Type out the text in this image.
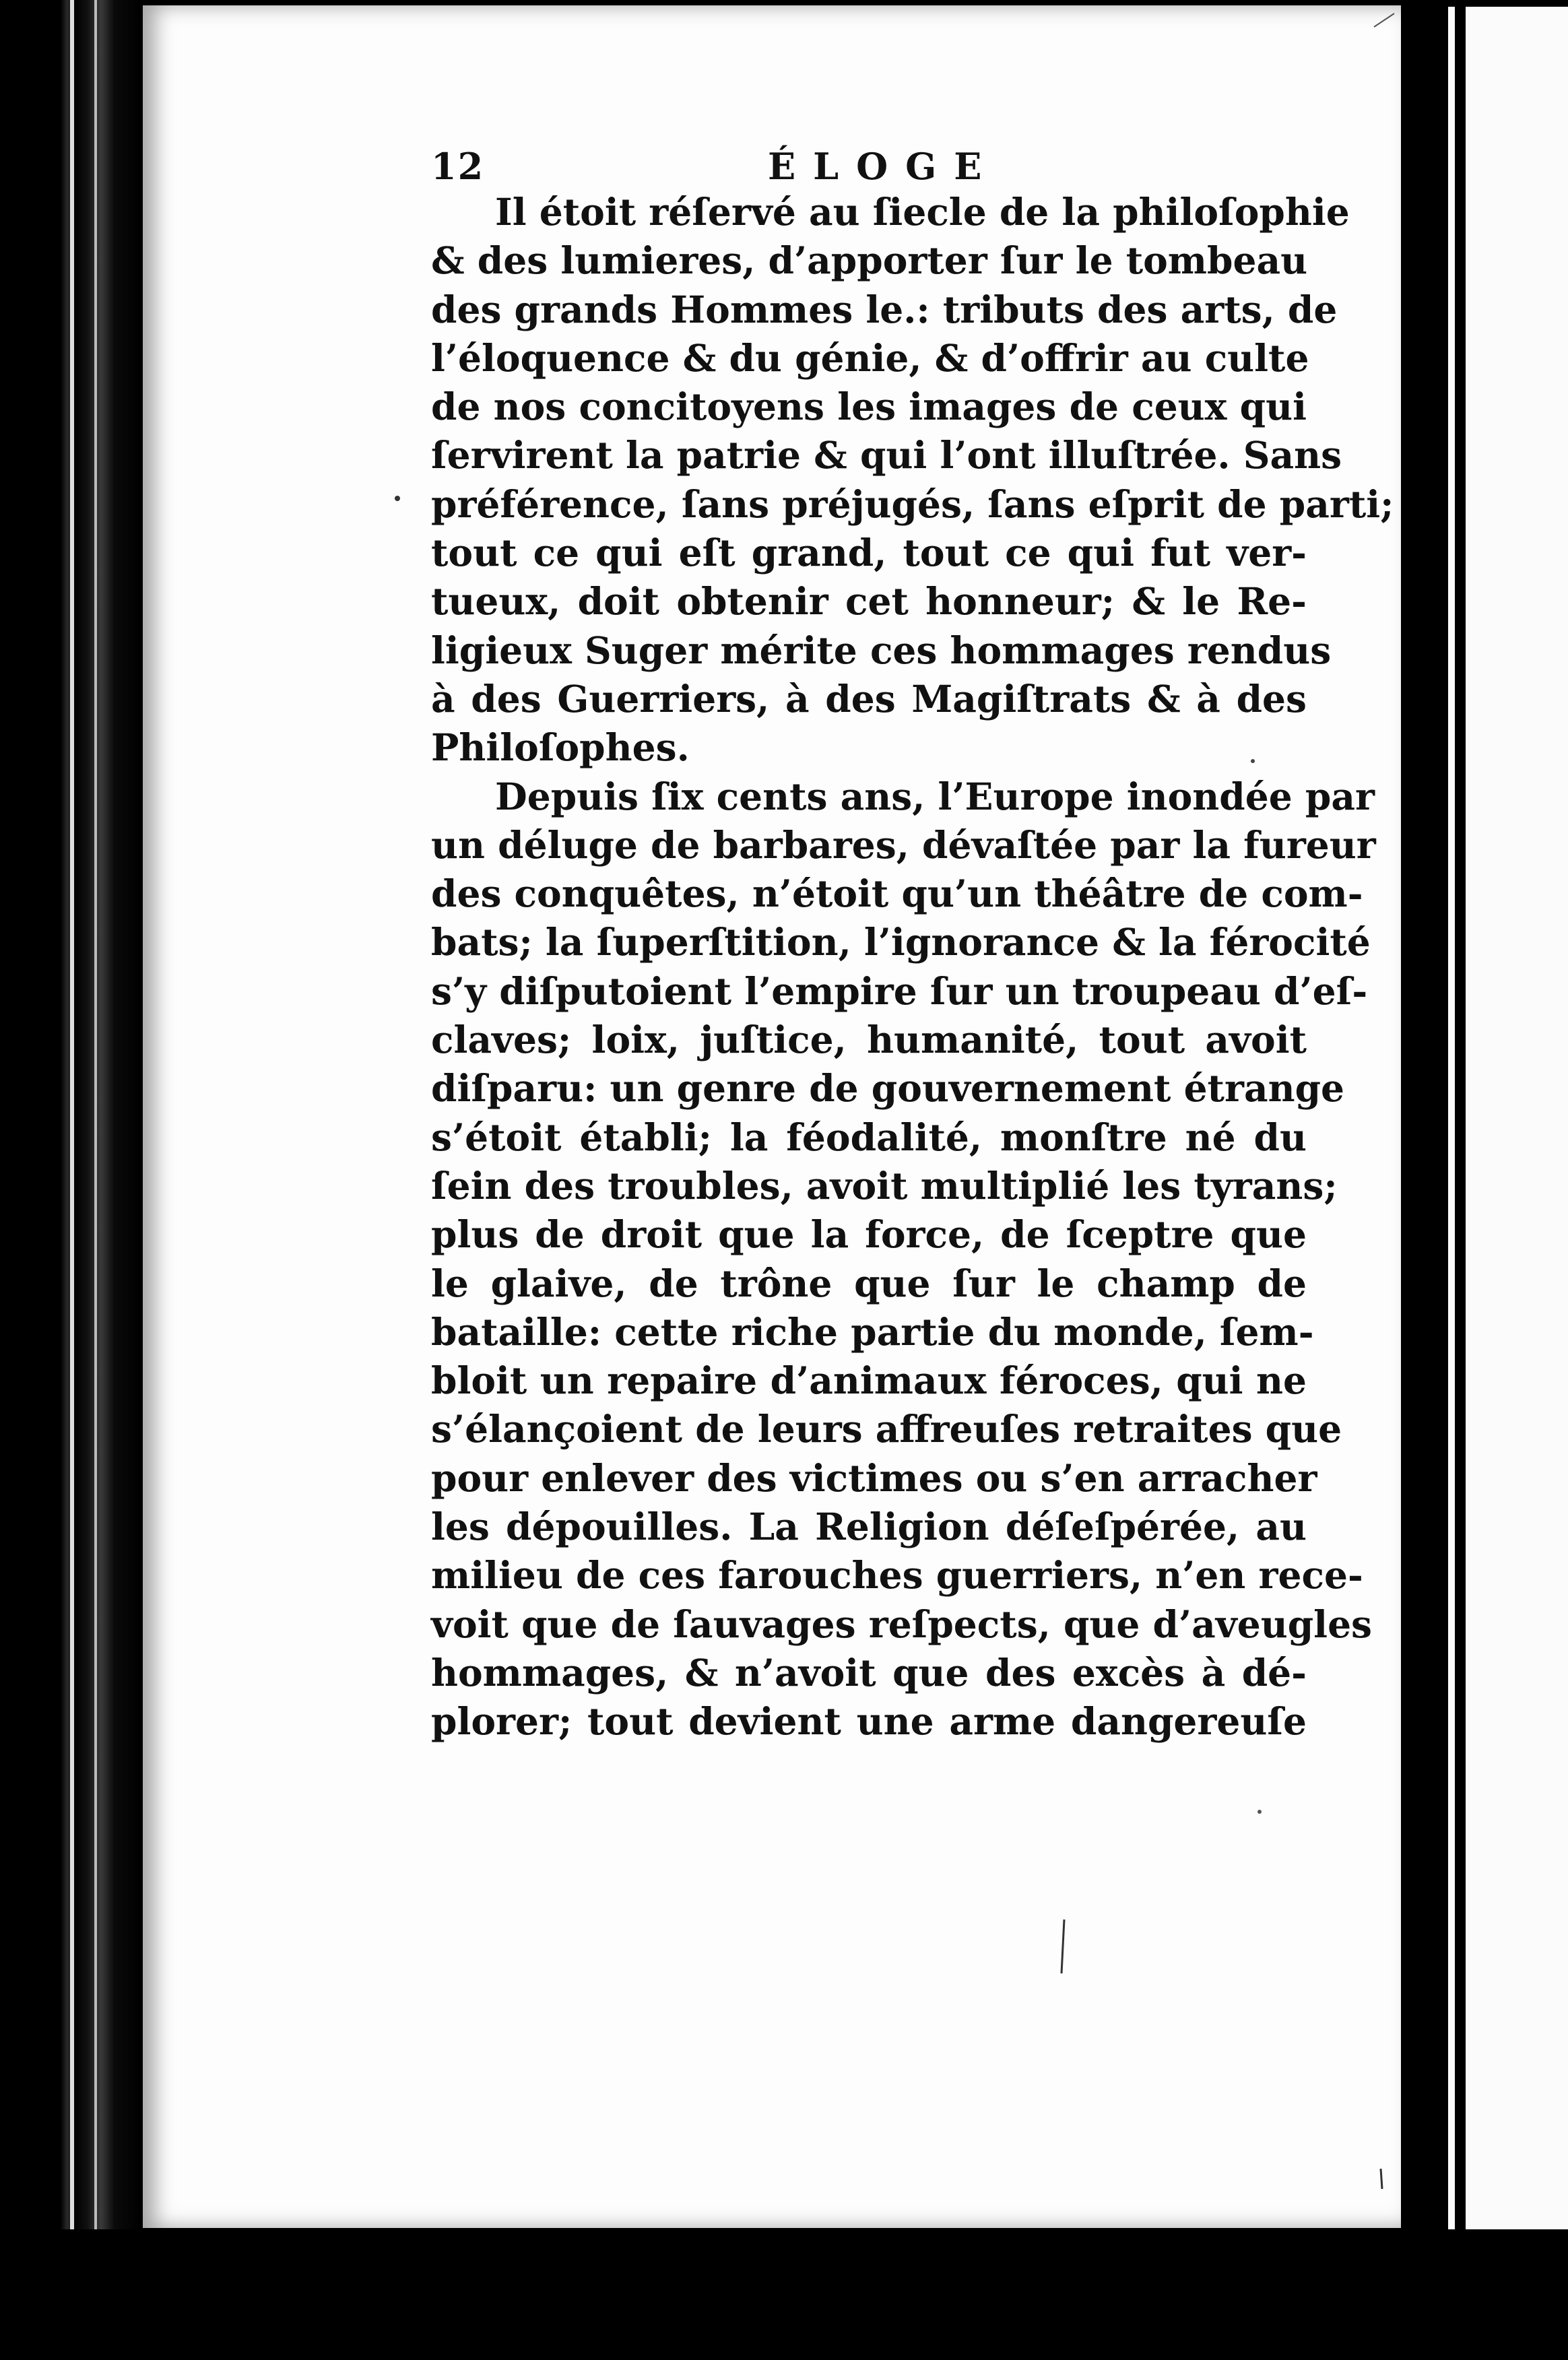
12	ÉLOGE
Il étoit réſervé au ſiecle de la philoſophie
& des lumieres, d’apporter ſur le tombeau
des grands Hommes le.: tributs des arts, de
l’éloquence & du génie, & d’offrir au culte
de nos concitoyens les images de ceux qui
ſervirent la patrie & qui l’ont illuſtrée. Sans
préférence, ſans préjugés, ſans eſprit de parti;
tout ce qui eſt grand, tout ce qui fut ver-
tueux, doit obtenir cet honneur; & le Re-
ligieux Suger mérite ces hommages rendus
à des Guerriers, à des Magiſtrats & à des
Philoſophes.
Depuis ſix cents ans, l’Europe inondée par
un déluge de barbares, dévaſtée par la fureur
des conquêtes, n’étoit qu’un théâtre de com-
bats; la ſuperſtition, l’ignorance & la férocité
s’y diſputoient l’empire ſur un troupeau d’eſ-
claves; loix, juſtice, humanité, tout avoit
diſparu: un genre de gouvernement étrange
s’étoit établi; la féodalité, monſtre né du
ſein des troubles, avoit multiplié les tyrans;
plus de droit que la force, de ſceptre que
le glaive, de trône que ſur le champ de
bataille: cette riche partie du monde, ſem-
bloit un repaire d’animaux féroces, qui ne
s’élançoient de leurs affreuſes retraites que
pour enlever des victimes ou s’en arracher
les dépouilles. La Religion déſeſpérée, au
milieu de ces farouches guerriers, n’en rece-
voit que de ſauvages reſpects, que d’aveugles
hommages, & n’avoit que des excès à dé-
plorer; tout devient une arme dangereuſe
